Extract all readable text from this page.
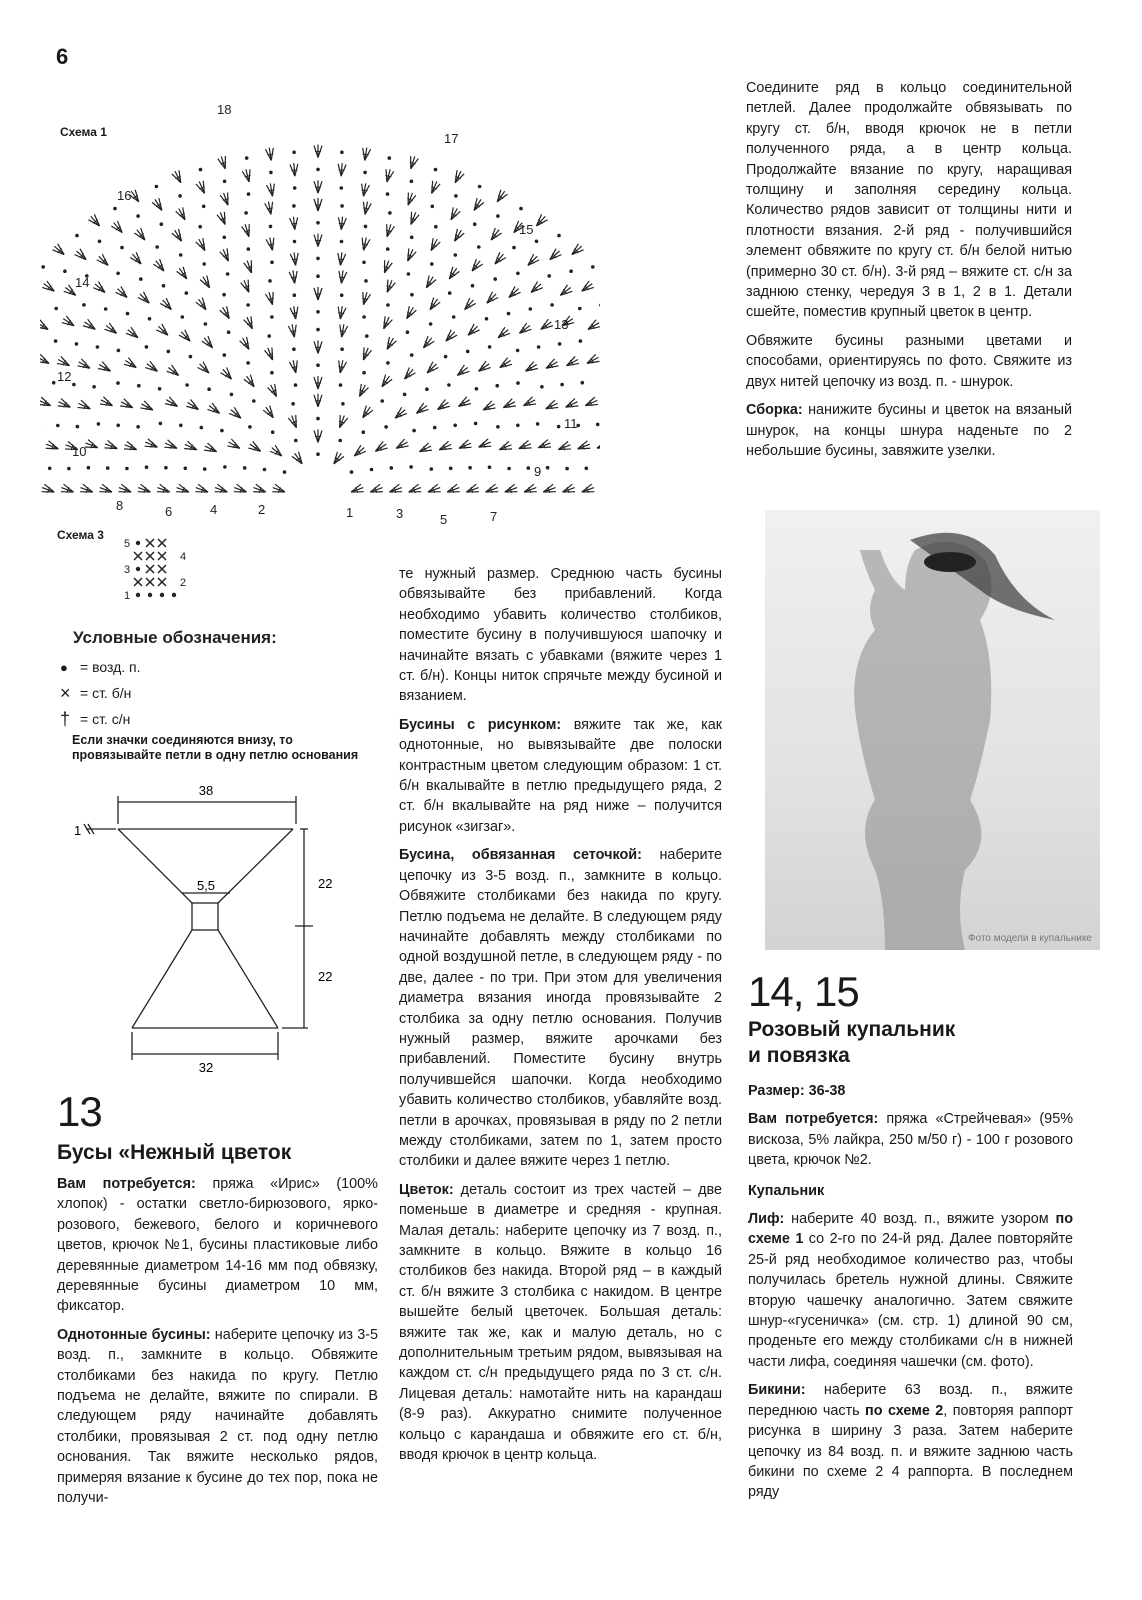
6
Схема 1
1
2	3
4
5
6	7
8
9
10
11
12
13
14
15
16
17
18
Схема 3
5
4
3
2
1
Условные обозначения:
● = возд. п.
× = ст. б/н
† = ст. с/н
Если значки соединяются внизу, то провязывайте петли в одну петлю основания
38
5,5	22
22
32
1
13
Бусы «Нежный цветок

Вам потребуется: пряжа «Ирис» (100% хлопок) - остатки светло-бирюзового, ярко-розового, бежевого, белого и коричневого цветов, крючок №1, бусины пластиковые либо деревянные диаметром 14-16 мм под обвязку, деревянные бусины диаметром 10 мм, фиксатор.

Однотонные бусины: наберите цепочку из 3-5 возд. п., замкните в кольцо. Обвяжите столбиками без накида по кругу. Петлю подъема не делайте, вяжите по спирали. В следующем ряду начинайте добавлять столбики, провязывая 2 ст. под одну петлю основания. Так вяжите несколько рядов, примеряя вязание к бусине до тех пор, пока не получи-

те нужный размер. Среднюю часть бусины обвязывайте без прибавлений. Когда необходимо убавить количество столбиков, поместите бусину в получившуюся шапочку и начинайте вязать с убавками (вяжите через 1 ст. б/н). Концы ниток спрячьте между бусиной и вязанием.

Бусины с рисунком: вяжите так же, как однотонные, но вывязывайте две полоски контрастным цветом следующим образом: 1 ст. б/н вкалывайте в петлю предыдущего ряда, 2 ст. б/н вкалывайте на ряд ниже – получится рисунок «зигзаг».

Бусина, обвязанная сеточкой: наберите цепочку из 3-5 возд. п., замкните в кольцо. Обвяжите столбиками без накида по кругу. Петлю подъема не делайте. В следующем ряду начинайте добавлять между столбиками по одной воздушной петле, в следующем ряду - по две, далее - по три. При этом для увеличения диаметра вязания иногда провязывайте 2 столбика за одну петлю основания. Получив нужный размер, вяжите арочками без прибавлений. Поместите бусину внутрь получившейся шапочки. Когда необходимо убавить количество столбиков, убавляйте возд. петли в арочках, провязывая в ряду по 2 петли между столбиками, затем по 1, затем просто столбики и далее вяжите через 1 петлю.

Цветок: деталь состоит из трех частей – две поменьше в диаметре и средняя - крупная. Малая деталь: наберите цепочку из 7 возд. п., замкните в кольцо. Вяжите в кольцо 16 столбиков без накида. Второй ряд – в каждый ст. б/н вяжите 3 столбика с накидом. В центре вышейте белый цветочек. Большая деталь: вяжите так же, как и малую деталь, но с дополнительным третьим рядом, вывязывая на каждом ст. с/н предыдущего ряда по 3 ст. с/н. Лицевая деталь: намотайте нить на карандаш (8-9 раз). Аккуратно снимите полученное кольцо с карандаша и обвяжите его ст. б/н, вводя крючок в центр кольца.

Соедините ряд в кольцо соединительной петлей. Далее продолжайте обвязывать по кругу ст. б/н, вводя крючок не в петли полученного ряда, а в центр кольца. Продолжайте вязание по кругу, наращивая толщину и заполняя середину кольца. Количество рядов зависит от толщины нити и плотности вязания. 2-й ряд - получившийся элемент обвяжите по кругу ст. б/н белой нитью (примерно 30 ст. б/н). 3-й ряд – вяжите ст. с/н за заднюю стенку, чередуя 3 в 1, 2 в 1. Детали сшейте, поместив крупный цветок в центр.

Обвяжите бусины разными цветами и способами, ориентируясь по фото. Свяжите из двух нитей цепочку из возд. п. - шнурок.

Сборка: нанижите бусины и цветок на вязаный шнурок, на концы шнура наденьте по 2 небольшие бусины, завяжите узелки.

Фото модели в купальнике
14, 15
Розовый купальник
и повязка

Размер: 36-38

Вам потребуется: пряжа «Стрейчевая» (95% вискоза, 5% лайкра, 250 м/50 г) - 100 г розового цвета, крючок №2.

Купальник

Лиф: наберите 40 возд. п., вяжите узором по схеме 1 со 2-го по 24-й ряд. Далее повторяйте 25-й ряд необходимое количество раз, чтобы получилась бретель нужной длины. Свяжите вторую чашечку аналогично. Затем свяжите шнур-«гусеничка» (см. стр. 1) длиной 90 см, проденьте его между столбиками с/н в нижней части лифа, соединяя чашечки (см. фото).

Бикини: наберите 63 возд. п., вяжите переднюю часть по схеме 2, повторяя раппорт рисунка в ширину 3 раза. Затем наберите цепочку из 84 возд. п. и вяжите заднюю часть бикини по схеме 2 4 раппорта. В последнем ряду
